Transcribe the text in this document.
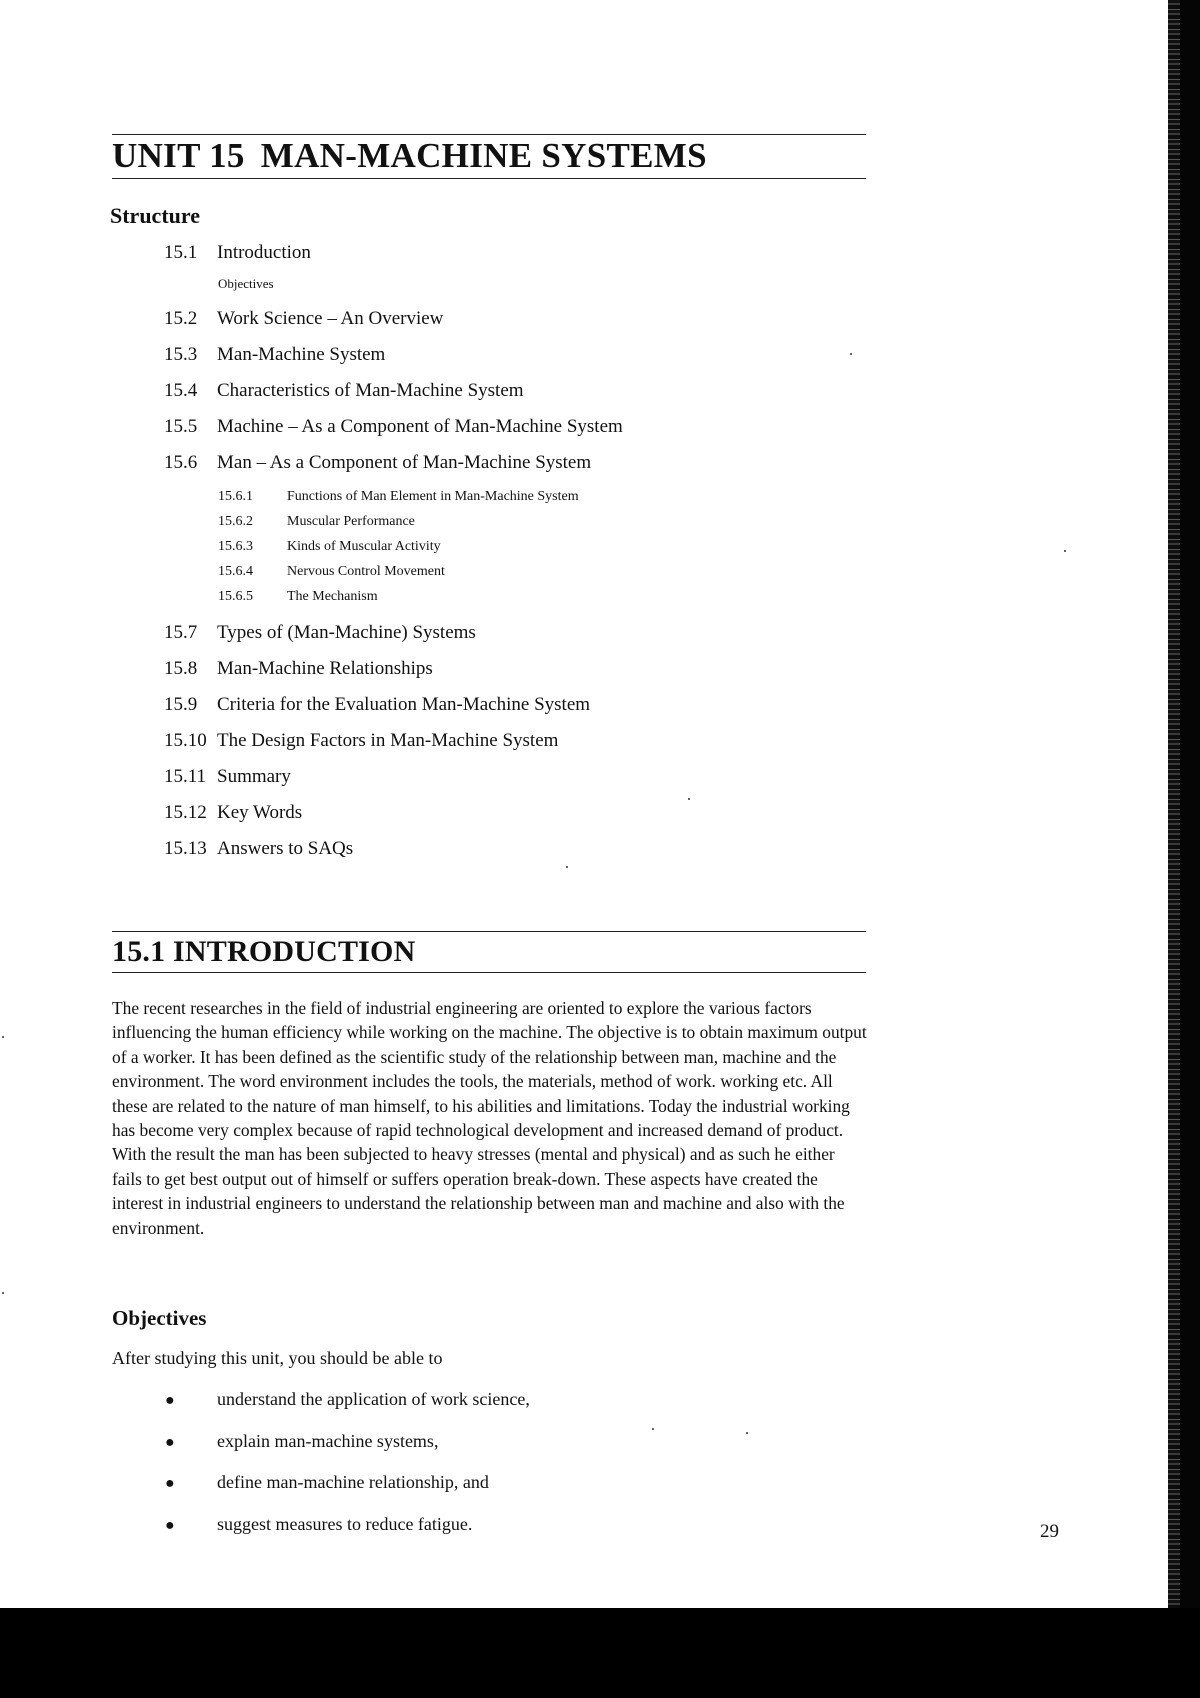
UNIT 15 MAN-MACHINE SYSTEMS
Structure
15.1 Introduction
Objectives
15.2 Work Science – An Overview
15.3 Man-Machine System
15.4 Characteristics of Man-Machine System
15.5 Machine – As a Component of Man-Machine System
15.6 Man – As a Component of Man-Machine System
15.6.1 Functions of Man Element in Man-Machine System
15.6.2 Muscular Performance
15.6.3 Kinds of Muscular Activity
15.6.4 Nervous Control Movement
15.6.5 The Mechanism
15.7 Types of (Man-Machine) Systems
15.8 Man-Machine Relationships
15.9 Criteria for the Evaluation Man-Machine System
15.10 The Design Factors in Man-Machine System
15.11 Summary
15.12 Key Words
15.13 Answers to SAQs
15.1 INTRODUCTION

The recent researches in the field of industrial engineering are oriented to explore the various factors influencing the human efficiency while working on the machine. The objective is to obtain maximum output of a worker. It has been defined as the scientific study of the relationship between man, machine and the environment. The word environment includes the tools, the materials, method of work. working etc. All these are related to the nature of man himself, to his abilities and limitations. Today the industrial working has become very complex because of rapid technological development and increased demand of product. With the result the man has been subjected to heavy stresses (mental and physical) and as such he either fails to get best output out of himself or suffers operation break-down. These aspects have created the interest in industrial engineers to understand the relationship between man and machine and also with the environment.

Objectives

After studying this unit, you should be able to

● understand the application of work science,
● explain man-machine systems,
● define man-machine relationship, and
● suggest measures to reduce fatigue.	29
